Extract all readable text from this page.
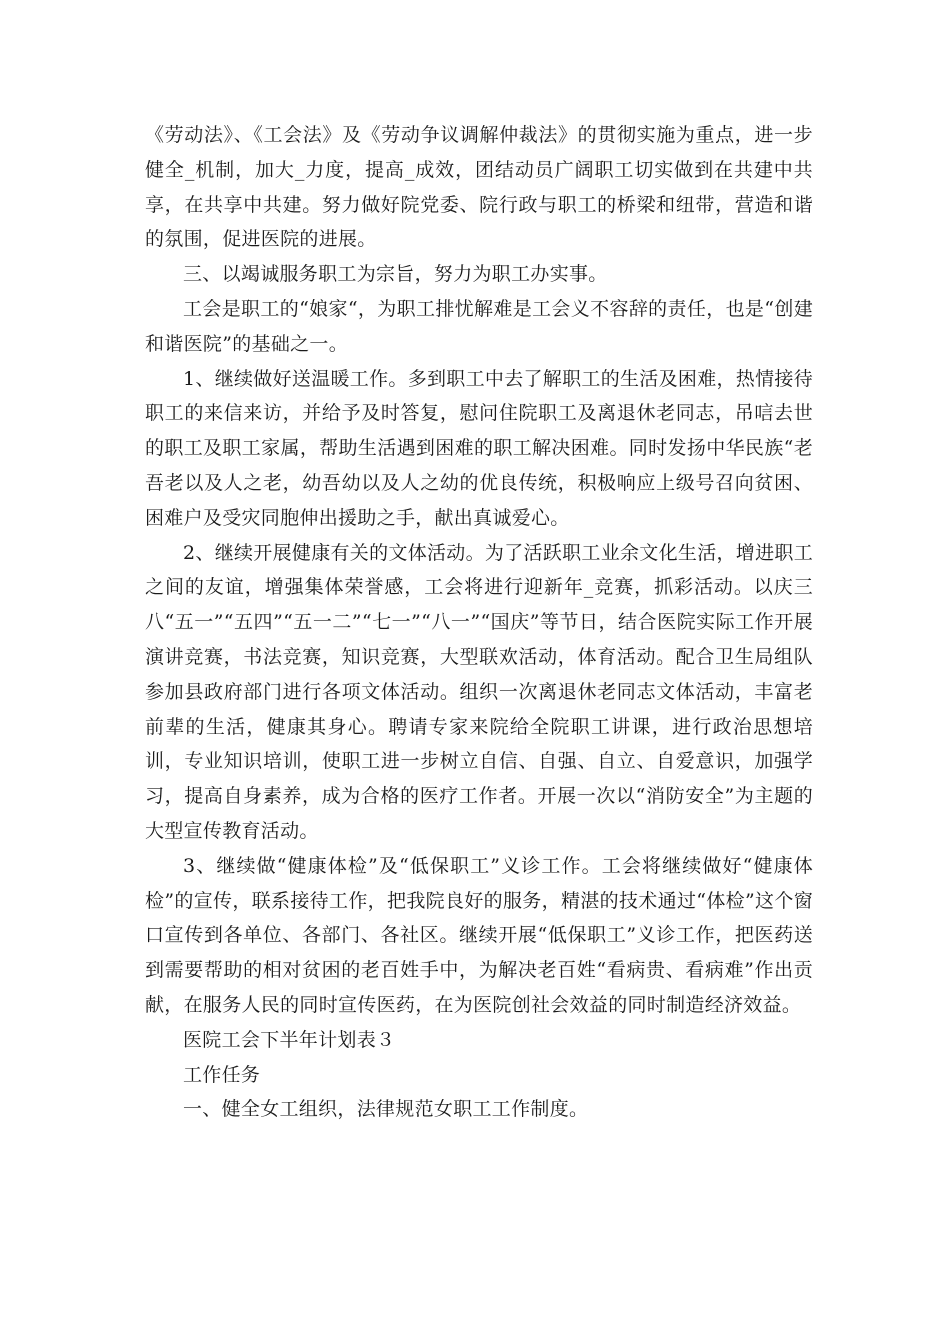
《劳动法》、《工会法》及《劳动争议调解仲裁法》的贯彻实施为重点，进一步健全_机制，加大_力度，提高_成效，团结动员广阔职工切实做到在共建中共享，在共享中共建。努力做好院党委、院行政与职工的桥梁和纽带，营造和谐的氛围，促进医院的进展。

三、以竭诚服务职工为宗旨，努力为职工办实事。

工会是职工的“娘家“，为职工排忧解难是工会义不容辞的责任，也是“创建和谐医院”的基础之一。

1、继续做好送温暖工作。多到职工中去了解职工的生活及困难，热情接待职工的来信来访，并给予及时答复，慰问住院职工及离退休老同志，吊唁去世的职工及职工家属，帮助生活遇到困难的职工解决困难。同时发扬中华民族“老吾老以及人之老，幼吾幼以及人之幼的优良传统，积极响应上级号召向贫困、困难户及受灾同胞伸出援助之手，献出真诚爱心。

2、继续开展健康有关的文体活动。为了活跃职工业余文化生活，增进职工之间的友谊，增强集体荣誉感，工会将进行迎新年_竞赛，抓彩活动。以庆三八“五一”“五四”“五一二”“七一”“八一”“国庆”等节日，结合医院实际工作开展演讲竞赛，书法竞赛，知识竞赛，大型联欢活动，体育活动。配合卫生局组队参加县政府部门进行各项文体活动。组织一次离退休老同志文体活动，丰富老前辈的生活，健康其身心。聘请专家来院给全院职工讲课，进行政治思想培训，专业知识培训，使职工进一步树立自信、自强、自立、自爱意识，加强学习，提高自身素养，成为合格的医疗工作者。开展一次以“消防安全”为主题的大型宣传教育活动。

3、继续做“健康体检”及“低保职工”义诊工作。工会将继续做好“健康体检”的宣传，联系接待工作，把我院良好的服务，精湛的技术通过“体检”这个窗口宣传到各单位、各部门、各社区。继续开展“低保职工”义诊工作，把医药送到需要帮助的相对贫困的老百姓手中，为解决老百姓“看病贵、看病难”作出贡献，在服务人民的同时宣传医药，在为医院创社会效益的同时制造经济效益。

医院工会下半年计划表３

工作任务

一、健全女工组织，法律规范女职工工作制度。
